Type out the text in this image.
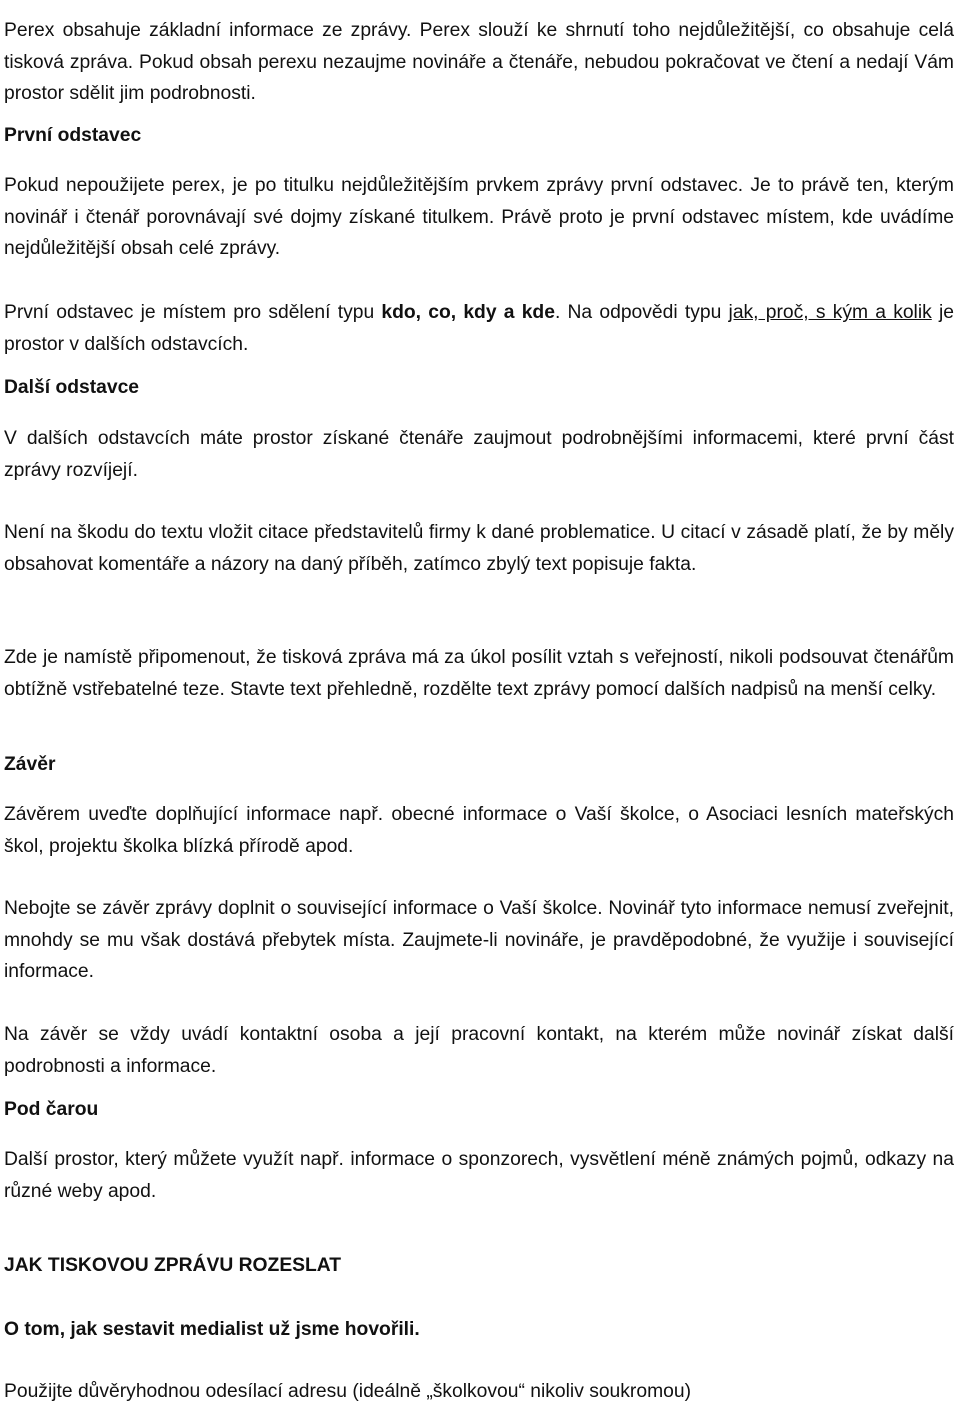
Perex obsahuje základní informace ze zprávy. Perex slouží ke shrnutí toho nejdůležitější, co obsahuje celá tisková zpráva. Pokud obsah perexu nezaujme novináře a čtenáře, nebudou pokračovat ve čtení a nedají Vám prostor sdělit jim podrobnosti.

První odstavec

Pokud nepoužijete perex, je po titulku nejdůležitějším prvkem zprávy první odstavec. Je to právě ten, kterým novinář i čtenář porovnávají své dojmy získané titulkem. Právě proto je první odstavec místem, kde uvádíme nejdůležitější obsah celé zprávy.

První odstavec je místem pro sdělení typu kdo, co, kdy a kde. Na odpovědi typu jak, proč, s kým a kolik je prostor v dalších odstavcích.

Další odstavce

V dalších odstavcích máte prostor získané čtenáře zaujmout podrobnějšími informacemi, které první část zprávy rozvíjejí.

Není na škodu do textu vložit citace představitelů firmy k dané problematice. U citací v zásadě platí, že by měly obsahovat komentáře a názory na daný příběh, zatímco zbylý text popisuje fakta.

Zde je namístě připomenout, že tisková zpráva má za úkol posílit vztah s veřejností, nikoli podsouvat čtenářům obtížně vstřebatelné teze. Stavte text přehledně, rozdělte text zprávy pomocí dalších nadpisů na menší celky.

Závěr

Závěrem uveďte doplňující informace např. obecné informace o Vaší školce, o Asociaci lesních mateřských škol, projektu školka blízká přírodě apod.

Nebojte se závěr zprávy doplnit o související informace o Vaší školce. Novinář tyto informace nemusí zveřejnit, mnohdy se mu však dostává přebytek místa. Zaujmete-li novináře, je pravděpodobné, že využije i související informace.

Na závěr se vždy uvádí kontaktní osoba a její pracovní kontakt, na kterém může novinář získat další podrobnosti a informace.

Pod čarou

Další prostor, který můžete využít např. informace o sponzorech, vysvětlení méně známých pojmů, odkazy na různé weby apod.

JAK TISKOVOU ZPRÁVU ROZESLAT
O tom, jak sestavit medialist už jsme hovořili.
Použijte důvěryhodnou odesílací adresu (ideálně „školkovou“ nikoliv soukromou)
